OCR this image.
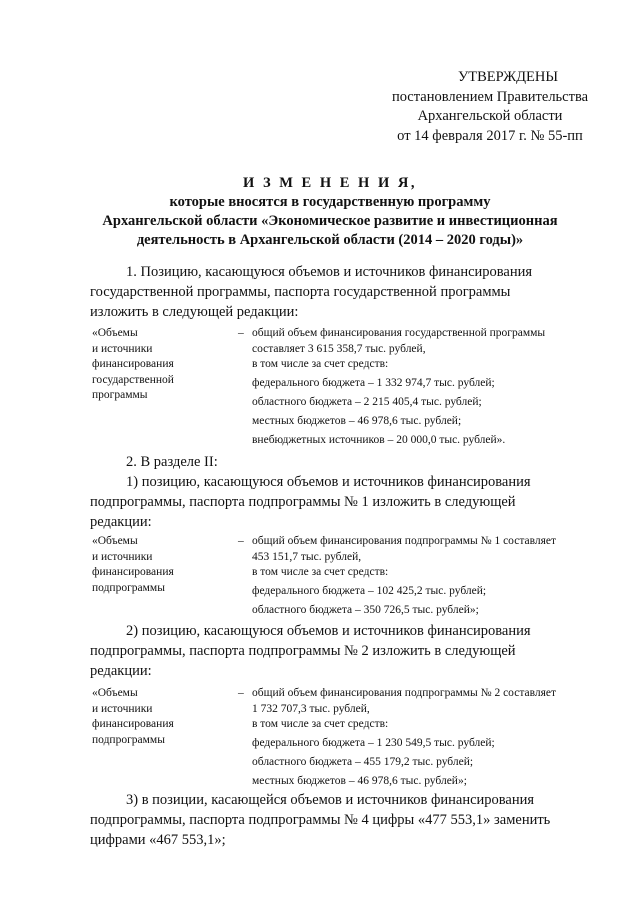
УТВЕРЖДЕНЫ
постановлением Правительства
Архангельской области
от 14 февраля 2017 г. № 55-пп
И З М Е Н Е Н И Я,
которые вносятся в государственную программу
Архангельской области «Экономическое развитие и инвестиционная
деятельность в Архангельской области (2014 – 2020 годы)»
1. Позицию, касающуюся объемов и источников финансирования
государственной программы, паспорта государственной программы
изложить в следующей редакции:
«Объемы
и источники
финансирования
государственной
программы
– общий объем финансирования государственной программы
составляет 3 615 358,7 тыс. рублей,
в том числе за счет средств:
федерального бюджета – 1 332 974,7 тыс. рублей;
областного бюджета – 2 215 405,4 тыс. рублей;
местных бюджетов – 46 978,6 тыс. рублей;
внебюджетных источников – 20 000,0 тыс. рублей».
2. В разделе II:
1) позицию, касающуюся объемов и источников финансирования
подпрограммы, паспорта подпрограммы № 1 изложить в следующей
редакции:
«Объемы
и источники
финансирования
подпрограммы
– общий объем финансирования подпрограммы № 1 составляет
453 151,7 тыс. рублей,
в том числе за счет средств:
федерального бюджета – 102 425,2 тыс. рублей;
областного бюджета – 350 726,5 тыс. рублей»;
2) позицию, касающуюся объемов и источников финансирования
подпрограммы, паспорта подпрограммы № 2 изложить в следующей
редакции:
«Объемы
и источники
финансирования
подпрограммы
– общий объем финансирования подпрограммы № 2 составляет
1 732 707,3 тыс. рублей,
в том числе за счет средств:
федерального бюджета – 1 230 549,5 тыс. рублей;
областного бюджета – 455 179,2 тыс. рублей;
местных бюджетов – 46 978,6 тыс. рублей»;
3) в позиции, касающейся объемов и источников финансирования
подпрограммы, паспорта подпрограммы № 4 цифры «477 553,1» заменить
цифрами «467 553,1»;
